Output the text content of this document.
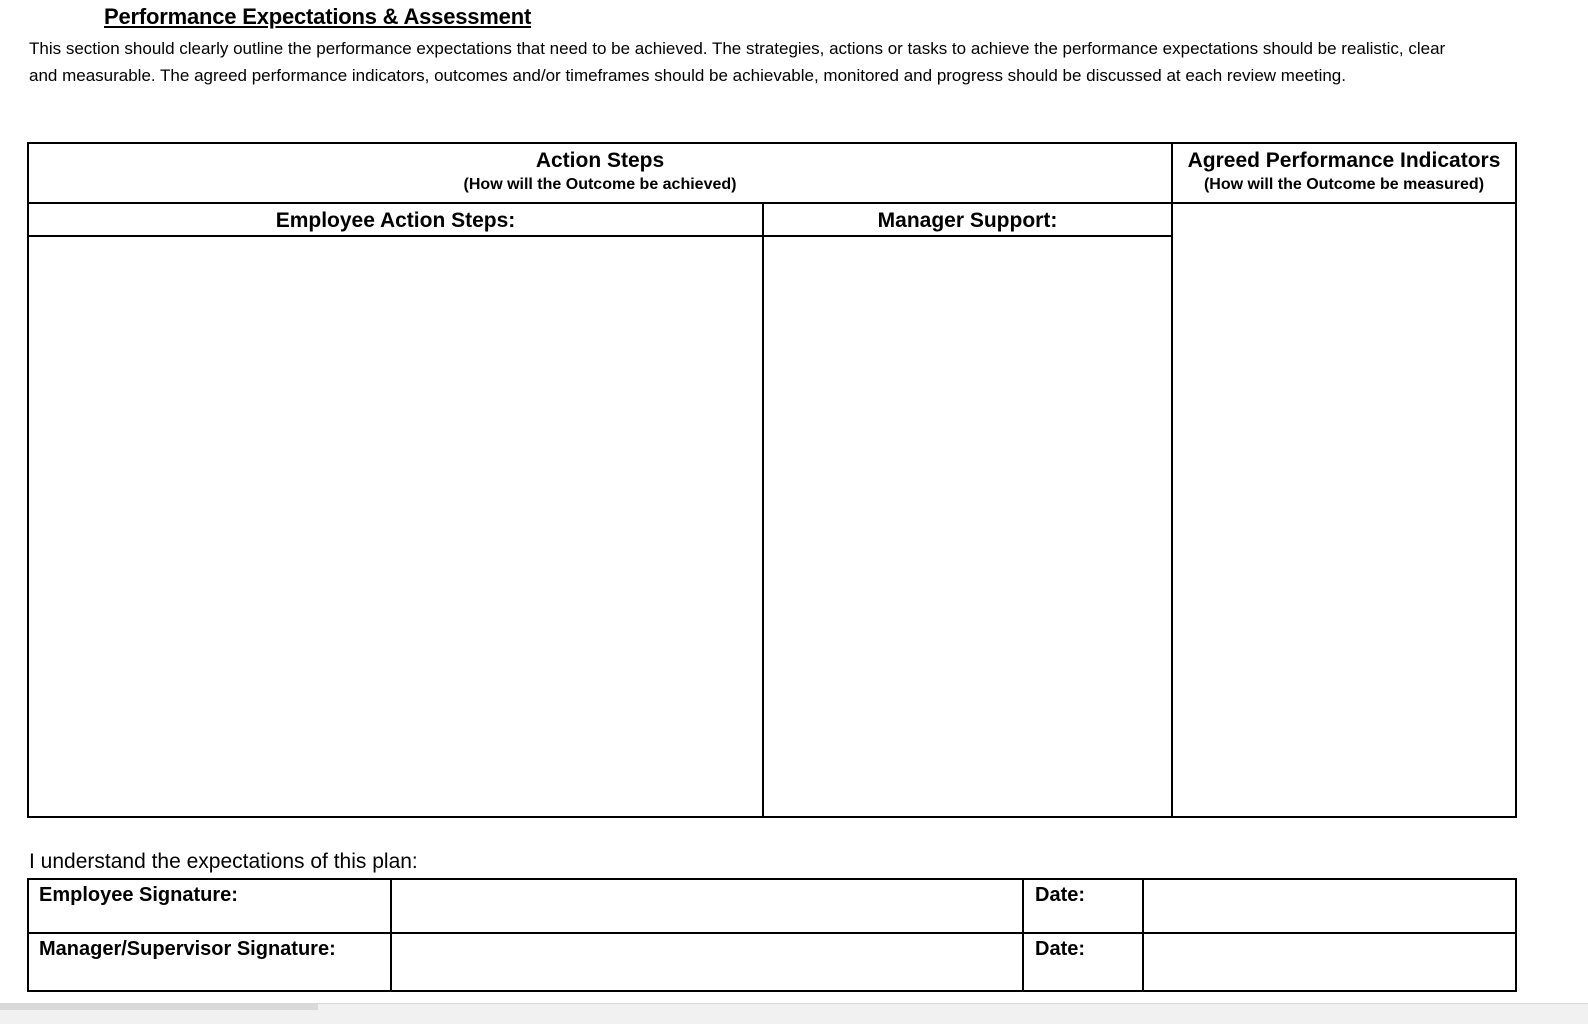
Performance Expectations & Assessment

This section should clearly outline the performance expectations that need to be achieved. The strategies, actions or tasks to achieve the performance expectations should be realistic, clear and measurable. The agreed performance indicators, outcomes and/or timeframes should be achievable, monitored and progress should be discussed at each review meeting.

Action Steps
(How will the Outcome be achieved)
Agreed Performance Indicators
(How will the Outcome be measured)
Employee Action Steps:	Manager Support:
I understand the expectations of this plan:
Employee Signature:	Date:
Manager/Supervisor Signature:	Date:
